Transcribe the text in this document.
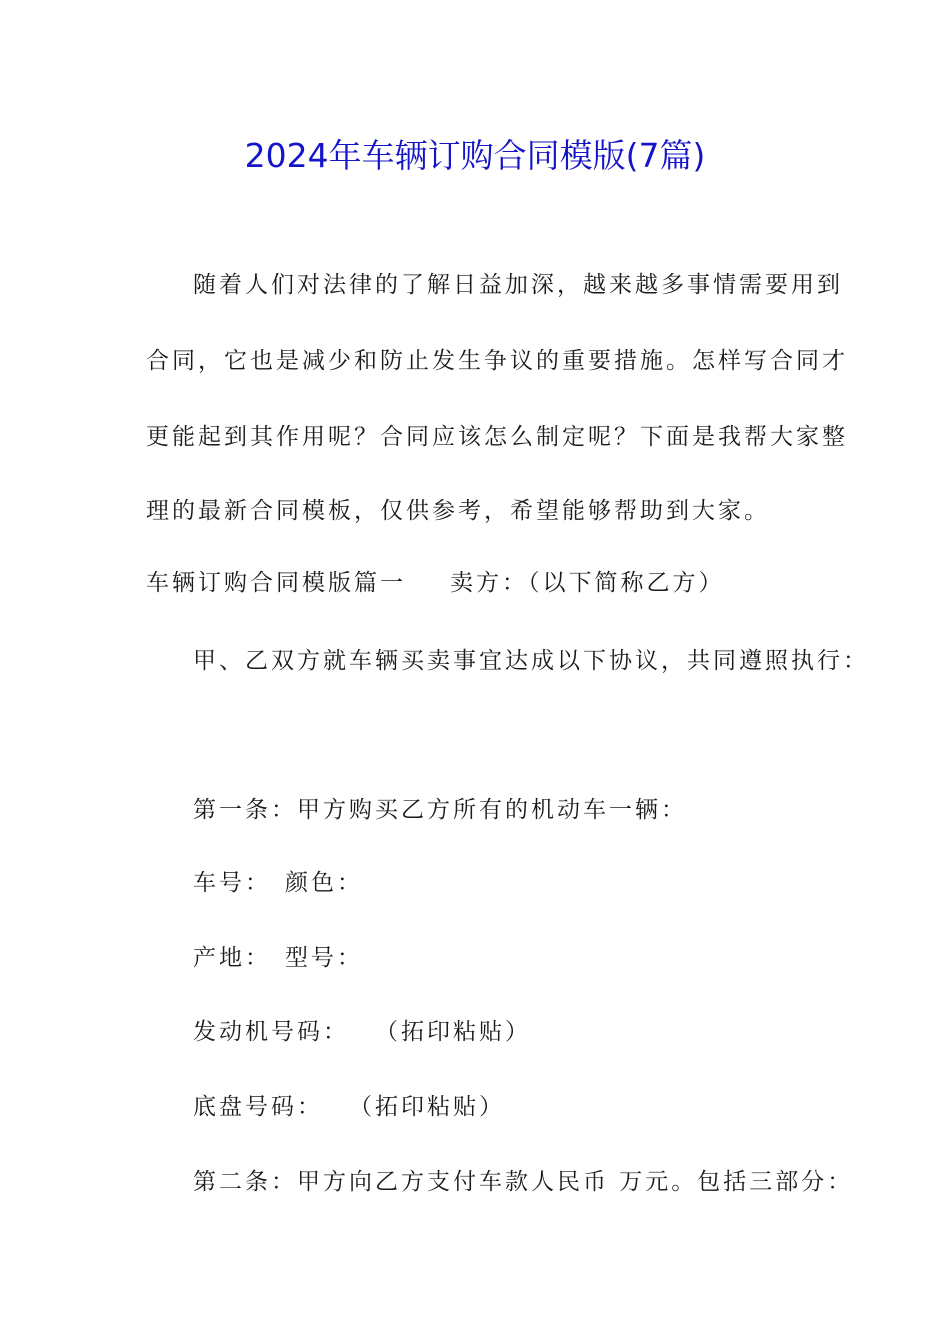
2024年车辆订购合同模版(7篇)
随着人们对法律的了解日益加深，越来越多事情需要用到
合同，它也是减少和防止发生争议的重要措施。怎样写合同才
更能起到其作用呢？合同应该怎么制定呢？下面是我帮大家整
理的最新合同模板，仅供参考，希望能够帮助到大家。
车辆订购合同模版篇一 卖方：（以下简称乙方）
甲、乙双方就车辆买卖事宜达成以下协议，共同遵照执行：
第一条：甲方购买乙方所有的机动车一辆：
车号： 颜色：
产地： 型号：
发动机号码： （拓印粘贴）
底盘号码： （拓印粘贴）
第二条：甲方向乙方支付车款人民币 万元。包括三部分：
